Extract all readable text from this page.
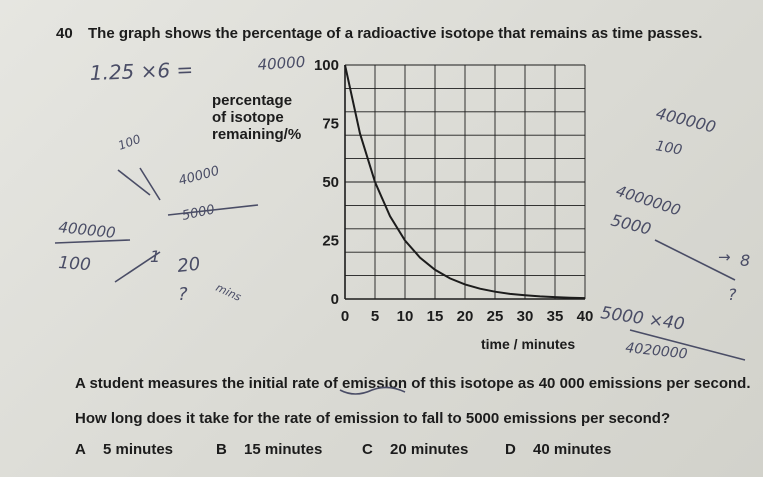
40 The graph shows the percentage of a radioactive isotope that remains as time passes.
percentage
of isotope
remaining/%
0 5 10 15 20 25 30 35 40
0
25
50
75
100
time / minutes
A student measures the initial rate of emission of this isotope as 40 000 emissions per second.
How long does it take for the rate of emission to fall to 5000 emissions per second?
A 5 minutes	B 15 minutes	C 20 minutes D 40 minutes
1.25 ×6 =	40000
100
40000
5000
400000
100	1 20
mins
?
400000
100
4000000
5000
→ 8
?
5000 ×40
4020000
